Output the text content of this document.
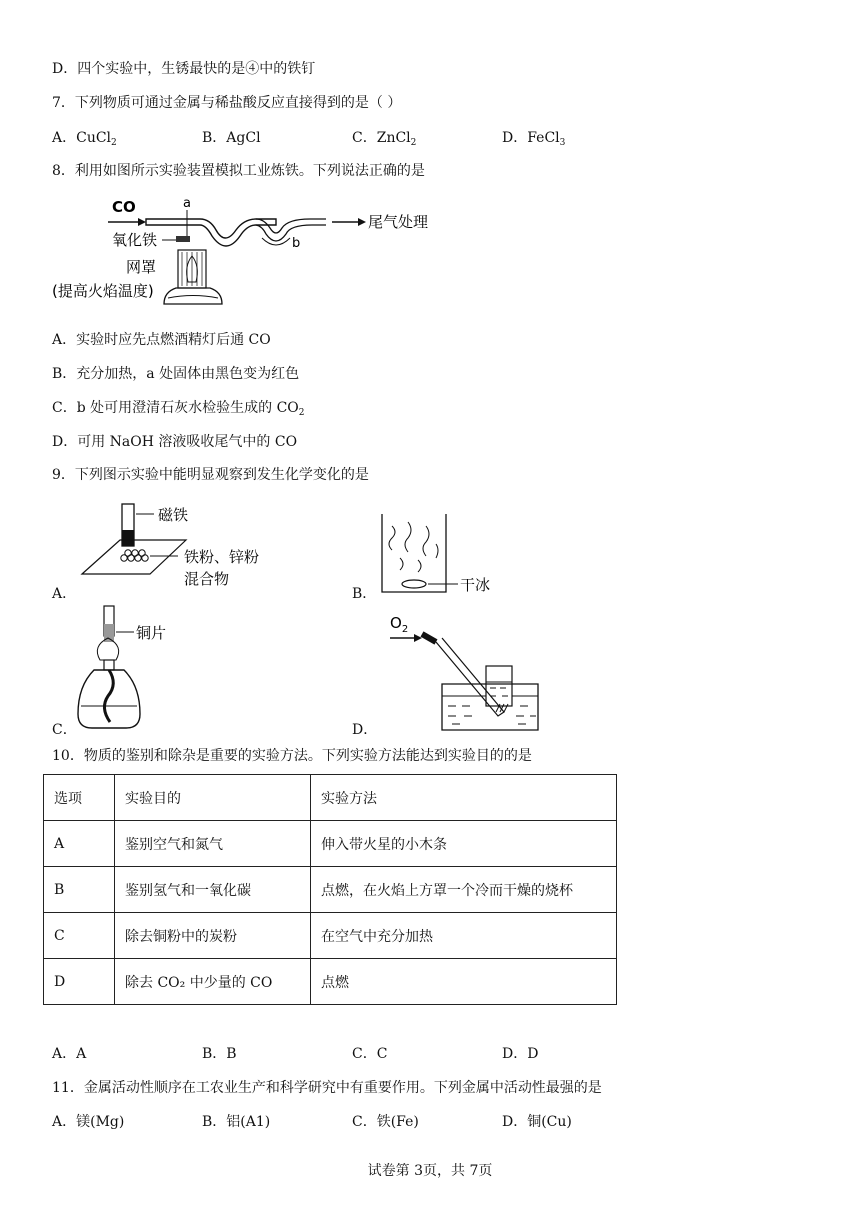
D．四个实验中，生锈最快的是④中的铁钉
7．下列物质可通过金属与稀盐酸反应直接得到的是（ ）
A．CuCl$_2$	B．AgCl	C．ZnCl$_2$	D．FeCl$_3$
8．利用如图所示实验装置模拟工业炼铁。下列说法正确的是
CO	a
b
尾气处理
氧化铁
网罩
(提高火焰温度)
A．实验时应先点燃酒精灯后通 CO
B．充分加热，a 处固体由黑色变为红色
C．b 处可用澄清石灰水检验生成的 $CO_2$
D．可用 NaOH 溶液吸收尾气中的 CO
9．下列图示实验中能明显观察到发生化学变化的是
磁铁
铁粉、锌粉
混合物
A．	干冰
B．
铜片
C．
$O_2$
D．
10．物质的鉴别和除杂是重要的实验方法。下列实验方法能达到实验目的的是
选项	实验目的	实验方法
A	鉴别空气和氮气	伸入带火星的小木条
B	鉴别氢气和一氧化碳	点燃，在火焰上方罩一个冷而干燥的烧杯
C	除去铜粉中的炭粉	在空气中充分加热
D	除去 CO₂ 中少量的 CO	点燃
A．A	B．B	C．C	D．D
11．金属活动性顺序在工农业生产和科学研究中有重要作用。下列金属中活动性最强的是
A．镁(Mg)	B．铝(A1)	C．铁(Fe)	D．铜(Cu)
试卷第 3页，共 7页
